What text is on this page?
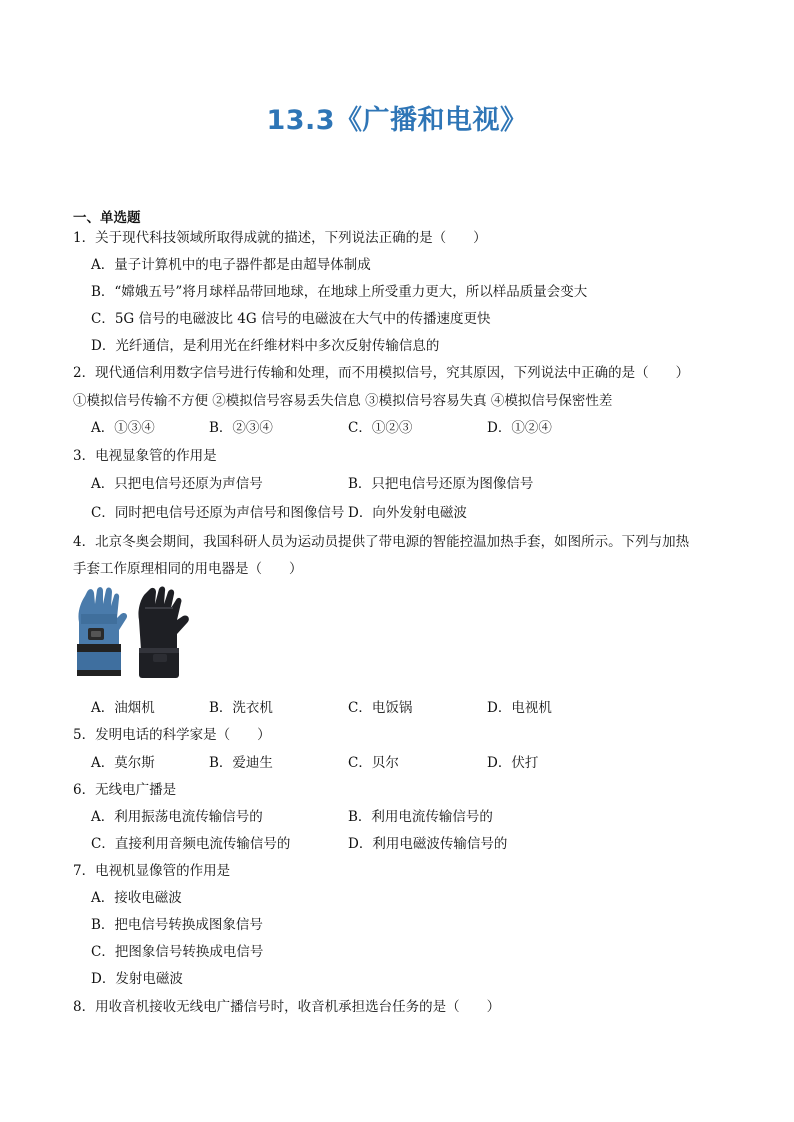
13.3《广播和电视》
一、单选题
1．关于现代科技领域所取得成就的描述，下列说法正确的是（　　）
A．量子计算机中的电子器件都是由超导体制成
B．“嫦娥五号”将月球样品带回地球，在地球上所受重力更大，所以样品质量会变大
C．5G 信号的电磁波比 4G 信号的电磁波在大气中的传播速度更快
D．光纤通信，是利用光在纤维材料中多次反射传输信息的
2．现代通信利用数字信号进行传输和处理，而不用模拟信号，究其原因，下列说法中正确的是（　　）
①模拟信号传输不方便 ②模拟信号容易丢失信息 ③模拟信号容易失真 ④模拟信号保密性差
A．①③④	B．②③④	C．①②③	D．①②④
3．电视显象管的作用是
A．只把电信号还原为声信号	B．只把电信号还原为图像信号
C．同时把电信号还原为声信号和图像信号 D．向外发射电磁波
4．北京冬奥会期间，我国科研人员为运动员提供了带电源的智能控温加热手套，如图所示。下列与加热
手套工作原理相同的用电器是（　　）
A．油烟机	B．洗衣机	C．电饭锅	D．电视机
5．发明电话的科学家是（　　）
A．莫尔斯	B．爱迪生	C．贝尔	D．伏打
6．无线电广播是
A．利用振荡电流传输信号的	B．利用电流传输信号的
C．直接利用音频电流传输信号的	D．利用电磁波传输信号的
7．电视机显像管的作用是
A．接收电磁波
B．把电信号转换成图象信号
C．把图象信号转换成电信号
D．发射电磁波
8．用收音机接收无线电广播信号时，收音机承担选台任务的是（　　）
